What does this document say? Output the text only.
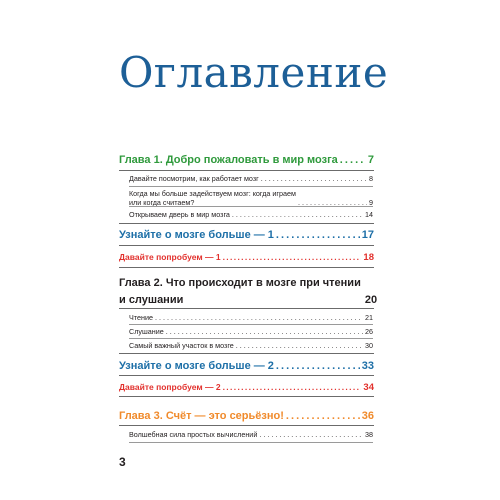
Оглавление
Глава 1. Добро пожаловать в мир мозга . . .	7
Давайте посмотрим, как работает мозг . . .	8
Когда мы больше задействуем мозг: когда играем
или когда считаем? . . .	9
Открываем дверь в мир мозга . . .	14
Узнайте о мозге больше — 1 . . .	17
Давайте попробуем — 1 . . .	18
Глава 2. Что происходит в мозге при чтении
и слушании	20
Чтение . . .	21
Слушание . . .	26
Самый важный участок в мозге . . .	30
Узнайте о мозге больше — 2 . . .	33
Давайте попробуем — 2 . . .	34
Глава 3. Счёт — это серьёзно! . . .	36
Волшебная сила простых вычислений . . .	38
3
